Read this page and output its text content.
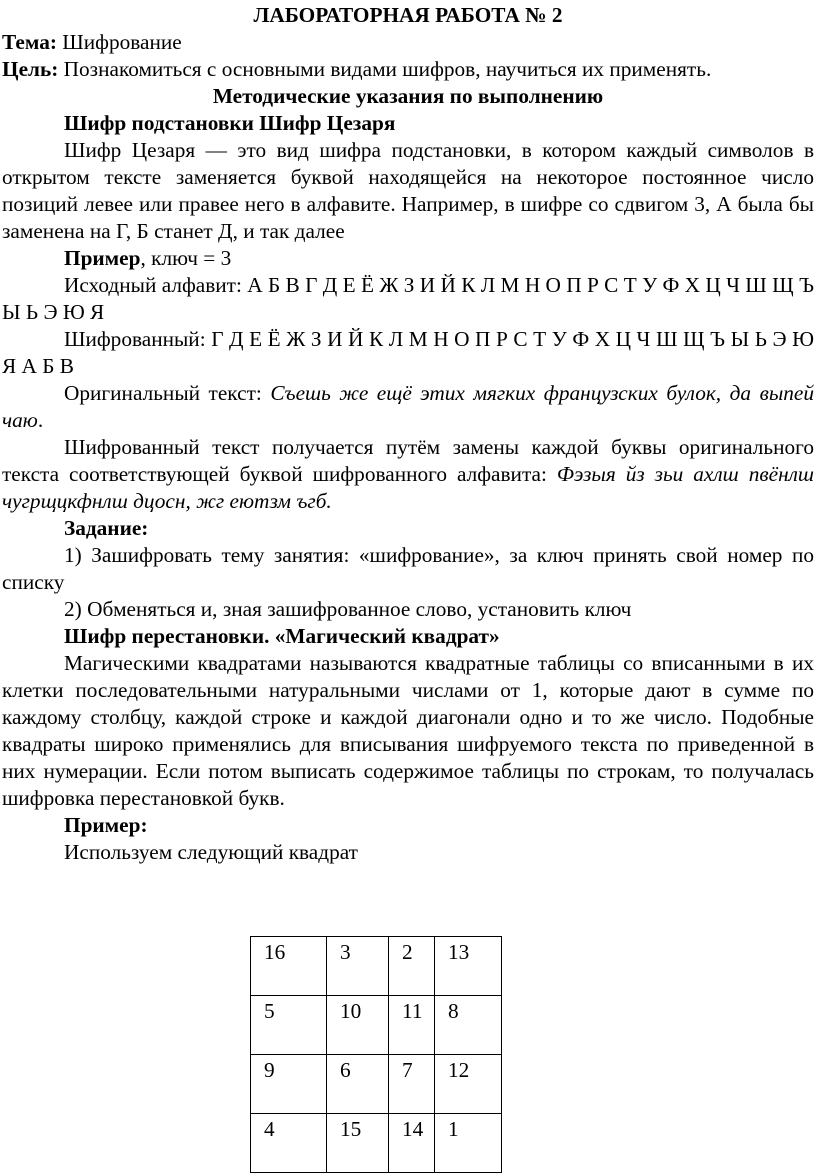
ЛАБОРАТОРНАЯ РАБОТА № 2

Тема: Шифрование

Цель: Познакомиться с основными видами шифров, научиться их применять.

Методические указания по выполнению

Шифр подстановки Шифр Цезаря

Шифр Цезаря — это вид шифра подстановки, в котором каждый символов в открытом тексте заменяется буквой находящейся на некоторое постоянное число позиций левее или правее него в алфавите. Например, в шифре со сдвигом 3, А была бы заменена на Г, Б станет Д, и так далее

Пример, ключ = 3

Исходный алфавит: А Б В Г Д Е Ё Ж З И Й К Л М Н О П Р С Т У Ф Х Ц Ч Ш Щ Ъ Ы Ь Э Ю Я

Шифрованный: Г Д Е Ё Ж З И Й К Л М Н О П Р С Т У Ф Х Ц Ч Ш Щ Ъ Ы Ь Э Ю Я А Б В

Оригинальный текст: Съешь же ещё этих мягких французских булок, да выпей чаю.

Шифрованный текст получается путём замены каждой буквы оригинального текста соответствующей буквой шифрованного алфавита: Фэзыя йз зьи ахлш пвёнлш чугрщцкфнлш дцосн, жг еютзм ъгб.

Задание:

1) Зашифровать тему занятия: «шифрование», за ключ принять свой номер по списку

2) Обменяться и, зная зашифрованное слово, установить ключ

Шифр перестановки. «Магический квадрат»

Магическими квадратами называются квадратные таблицы со вписанными в их клетки последовательными натуральными числами от 1, которые дают в сумме по каждому столбцу, каждой строке и каждой диагонали одно и то же число. Подобные квадраты широко применялись для вписывания шифруемого текста по приведенной в них нумерации. Если потом выписать содержимое таблицы по строкам, то получалась шифровка перестановкой букв.

Пример:

Используем следующий квадрат

16	3	2	13
5	10	11	8
9	6	7	12
4	15	14	1
